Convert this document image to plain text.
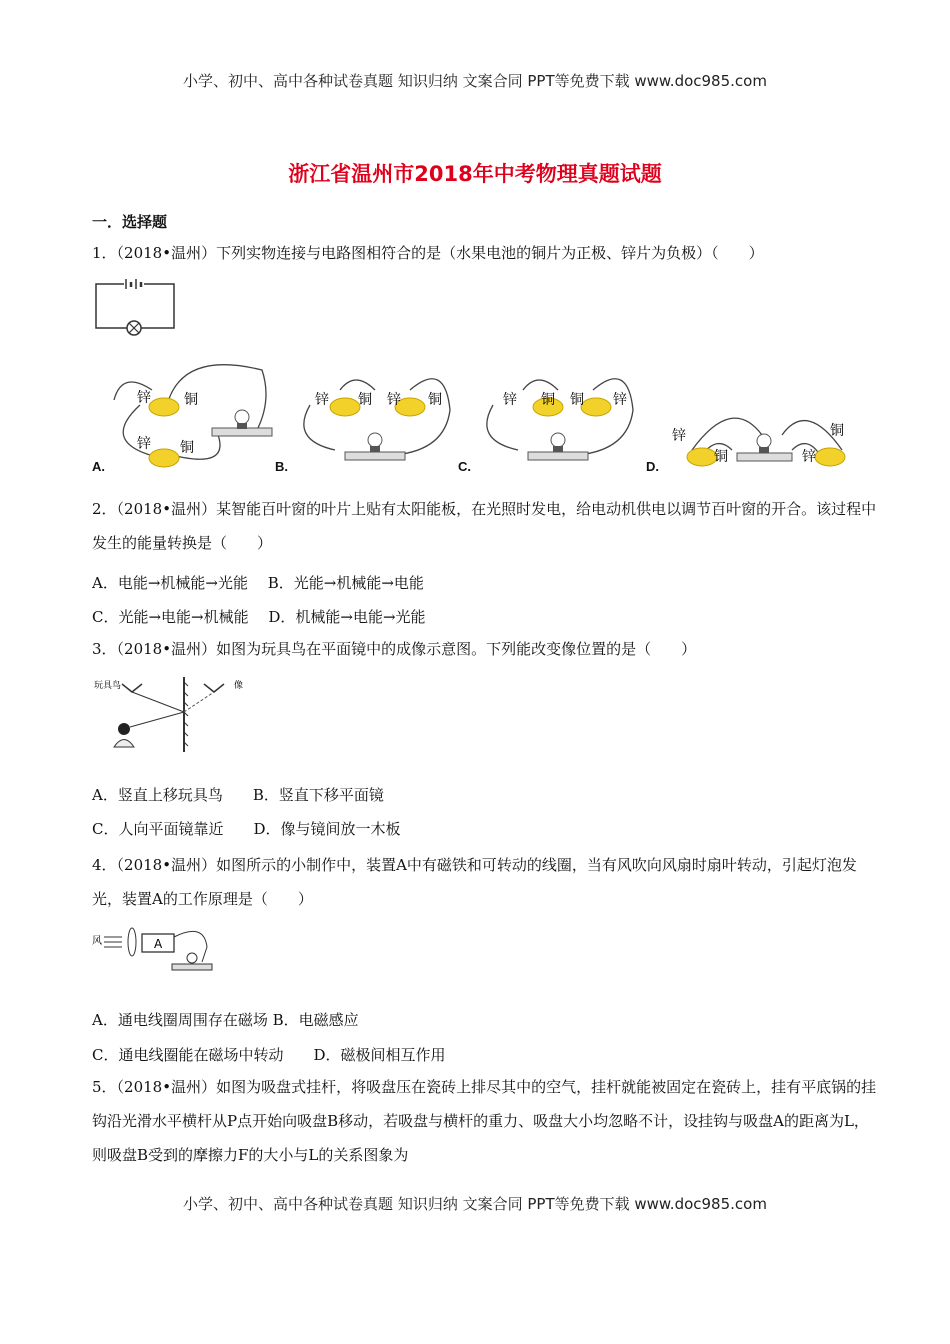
小学、初中、高中各种试卷真题 知识归纳 文案合同 PPT等免费下载 www.doc985.com
浙江省温州市2018年中考物理真题试题
一．选择题
1．（2018•温州）下列实物连接与电路图相符合的是（水果电池的铜片为正极、锌片为负极）（　　）
锌 铜
锌 铜
A.
锌 铜 锌 铜
B.
锌 铜 铜 锌
C.
锌
铜	锌
铜
D.
2．（2018•温州）某智能百叶窗的叶片上贴有太阳能板，在光照时发电，给电动机供电以调节百叶窗的开合。该过程中发生的能量转换是（　　）
A．电能→机械能→光能　 B．光能→机械能→电能
C．光能→电能→机械能　 D．机械能→电能→光能
3．（2018•温州）如图为玩具鸟在平面镜中的成像示意图。下列能改变像位置的是（　　）
玩具鸟	像
A．竖直上移玩具鸟　　B．竖直下移平面镜
C．人向平面镜靠近　　D．像与镜间放一木板
4．（2018•温州）如图所示的小制作中，装置A中有磁铁和可转动的线圈，当有风吹向风扇时扇叶转动，引起灯泡发光，装置A的工作原理是（　　）
风	A
A．通电线圈周围存在磁场 B．电磁感应
C．通电线圈能在磁场中转动　　D．磁极间相互作用
5．（2018•温州）如图为吸盘式挂杆，将吸盘压在瓷砖上排尽其中的空气，挂杆就能被固定在瓷砖上，挂有平底锅的挂钩沿光滑水平横杆从P点开始向吸盘B移动，若吸盘与横杆的重力、吸盘大小均忽略不计，设挂钩与吸盘A的距离为L，则吸盘B受到的摩擦力F的大小与L的关系图象为
小学、初中、高中各种试卷真题 知识归纳 文案合同 PPT等免费下载 www.doc985.com
